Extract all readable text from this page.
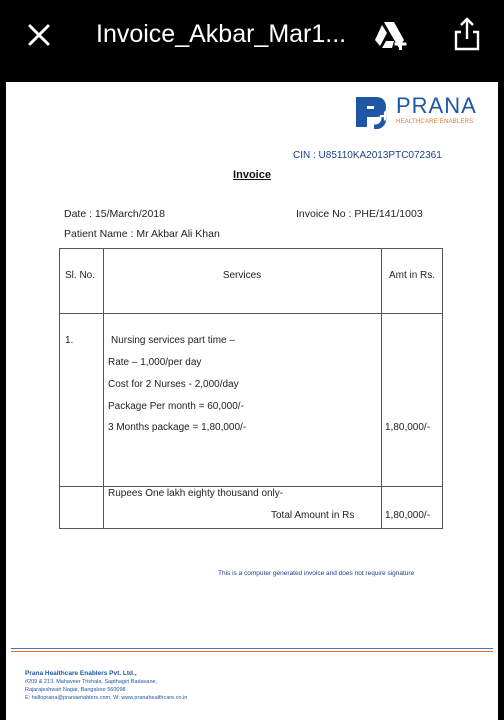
Invoice_Akbar_Mar1...
PRANA
HEALTHCARE ENABLERS
CIN : U85110KA2013PTC072361
Invoice
Date : 15/March/2018	Invoice No : PHE/141/1003
Patient Name : Mr Akbar Ali Khan
Sl. No.	Services	Amt in Rs.
1.	Nursing services part time –
Rate – 1,000/per day
Cost for 2 Nurses - 2,000/day
Package Per month = 60,000/-
3 Months package = 1,80,000/-	1,80,000/-
Rupees One lakh eighty thousand only-
Total Amount in Rs	1,80,000/-
This is a computer generated invoice and does not require signature
Prana Healthcare Enablers Pvt. Ltd.,
#209 & 213, Mahaveer Trishala, Sapthagiri Badavane,
Rajarajeshwari Nagar, Bangalore 560098
E: helloprana@pranaenablers.com, W: www.pranahealthcare.co.in
